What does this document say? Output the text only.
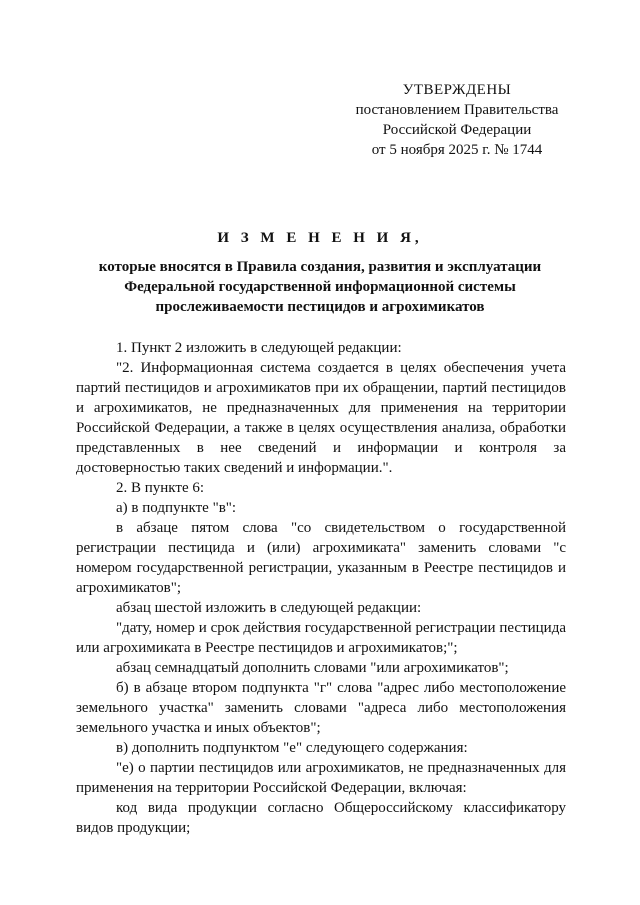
УТВЕРЖДЕНЫ
постановлением Правительства
Российской Федерации
от 5 ноября 2025 г. № 1744
И З М Е Н Е Н И Я,
которые вносятся в Правила создания, развития и эксплуатации Федеральной государственной информационной системы прослеживаемости пестицидов и агрохимикатов

1. Пункт 2 изложить в следующей редакции:

"2. Информационная система создается в целях обеспечения учета партий пестицидов и агрохимикатов при их обращении, партий пестицидов и агрохимикатов, не предназначенных для применения на территории Российской Федерации, а также в целях осуществления анализа, обработки представленных в нее сведений и информации и контроля за достоверностью таких сведений и информации.".

2. В пункте 6:

а) в подпункте "в":

в абзаце пятом слова "со свидетельством о государственной регистрации пестицида и (или) агрохимиката" заменить словами "с номером государственной регистрации, указанным в Реестре пестицидов и агрохимикатов";

абзац шестой изложить в следующей редакции:

"дату, номер и срок действия государственной регистрации пестицида или агрохимиката в Реестре пестицидов и агрохимикатов;";

абзац семнадцатый дополнить словами "или агрохимикатов";

б) в абзаце втором подпункта "г" слова "адрес либо местоположение земельного участка" заменить словами "адреса либо местоположения земельного участка и иных объектов";

в) дополнить подпунктом "е" следующего содержания:

"е) о партии пестицидов или агрохимикатов, не предназначенных для применения на территории Российской Федерации, включая:

код вида продукции согласно Общероссийскому классификатору видов продукции;
